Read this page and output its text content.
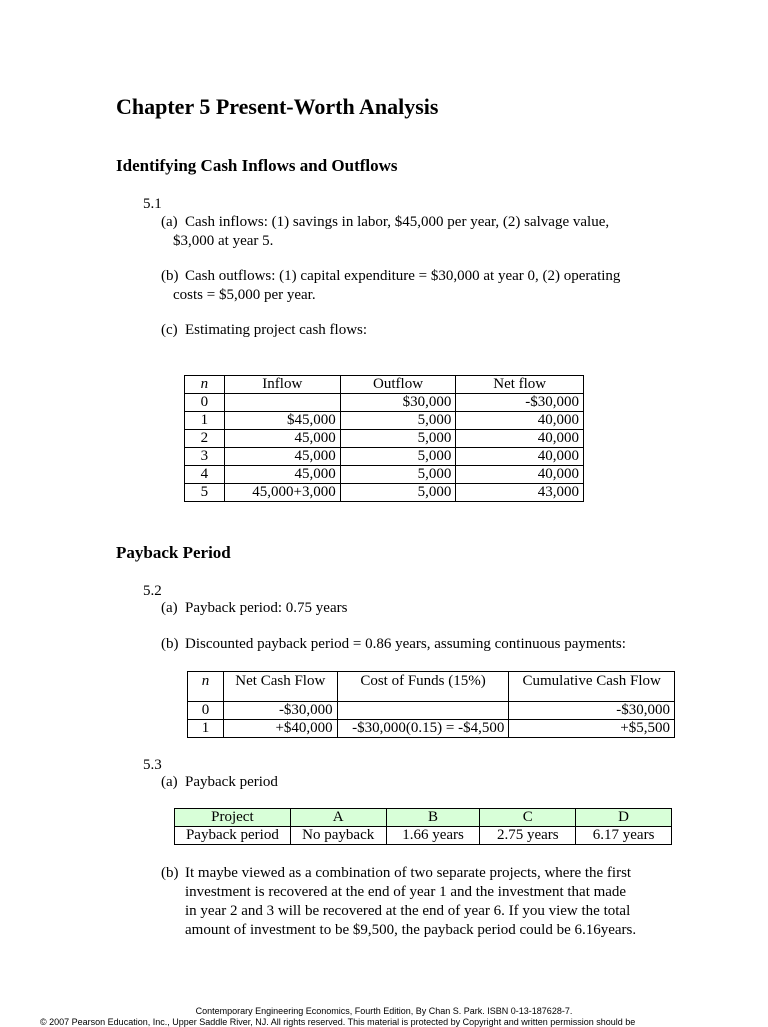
Chapter 5 Present-Worth Analysis
Identifying Cash Inflows and Outflows
5.1
(a) Cash inflows: (1) savings in labor, $45,000 per year, (2) salvage value,
$3,000 at year 5.
(b) Cash outflows: (1) capital expenditure = $30,000 at year 0, (2) operating
costs = $5,000 per year.
(c) Estimating project cash flows:
n	Inflow	Outflow	Net flow
0		$30,000	-$30,000
1	$45,000	5,000	40,000
2	45,000	5,000	40,000
3	45,000	5,000	40,000
4	45,000	5,000	40,000
5	45,000+3,000	5,000	43,000
Payback Period
5.2
(a) Payback period: 0.75 years
(b) Discounted payback period = 0.86 years, assuming continuous payments:
n	Net Cash Flow	Cost of Funds (15%)	Cumulative Cash Flow
0	-$30,000		-$30,000
1	+$40,000	-$30,000(0.15) = -$4,500	+$5,500
5.3
(a) Payback period
Project	A	B	C	D
Payback period	No payback	1.66 years	2.75 years	6.17 years
(b) It maybe viewed as a combination of two separate projects, where the first
investment is recovered at the end of year 1 and the investment that made
in year 2 and 3 will be recovered at the end of year 6. If you view the total
amount of investment to be $9,500, the payback period could be 6.16years.
Contemporary Engineering Economics, Fourth Edition, By Chan S. Park. ISBN 0-13-187628-7.
© 2007 Pearson Education, Inc., Upper Saddle River, NJ. All rights reserved. This material is protected by Copyright and written permission should be
